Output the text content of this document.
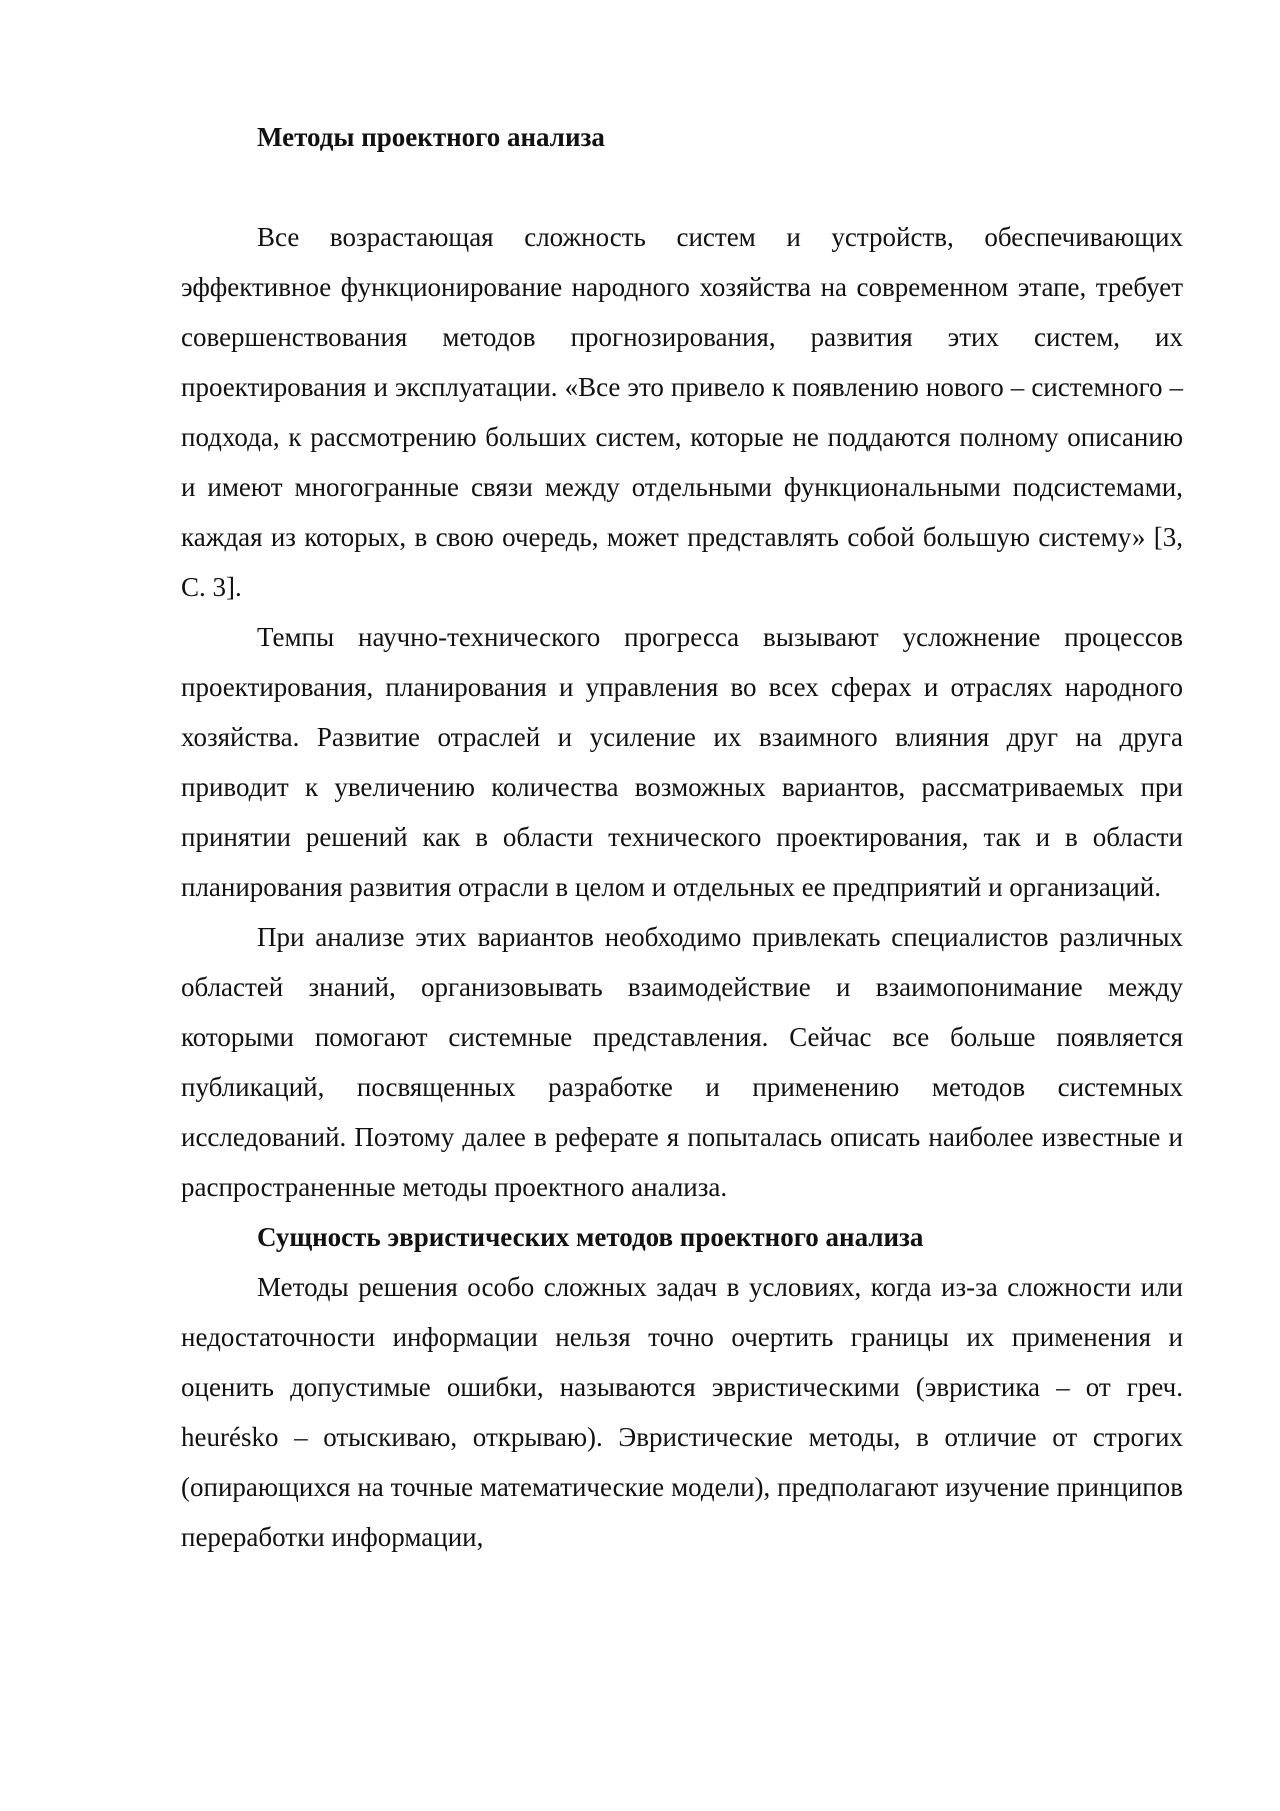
Методы проектного анализа

Все возрастающая сложность систем и устройств, обеспечивающих эффективное функционирование народного хозяйства на современном этапе, требует совершенствования методов прогнозирования, развития этих систем, их проектирования и эксплуатации. «Все это привело к появлению нового – системного – подхода, к рассмотрению больших систем, которые не поддаются полному описанию и имеют многогранные связи между отдельными функциональными подсистемами, каждая из которых, в свою очередь, может представлять собой большую систему» [3, С. 3].

Темпы научно-технического прогресса вызывают усложнение процессов проектирования, планирования и управления во всех сферах и отраслях народного хозяйства. Развитие отраслей и усиление их взаимного влияния друг на друга приводит к увеличению количества возможных вариантов, рассматриваемых при принятии решений как в области технического проектирования, так и в области планирования развития отрасли в целом и отдельных ее предприятий и организаций.

При анализе этих вариантов необходимо привлекать специалистов различных областей знаний, организовывать взаимодействие и взаимопонимание между которыми помогают системные представления. Сейчас все больше появляется публикаций, посвященных разработке и применению методов системных исследований. Поэтому далее в реферате я попыталась описать наиболее известные и распространенные методы проектного анализа.

Сущность эвристических методов проектного анализа

Методы решения особо сложных задач в условиях, когда из-за сложности или недостаточности информации нельзя точно очертить границы их применения и оценить допустимые ошибки, называются эвристическими (эвристика – от греч. heurésko – отыскиваю, открываю). Эвристические методы, в отличие от строгих (опирающихся на точные математические модели), предполагают изучение принципов переработки информации,
